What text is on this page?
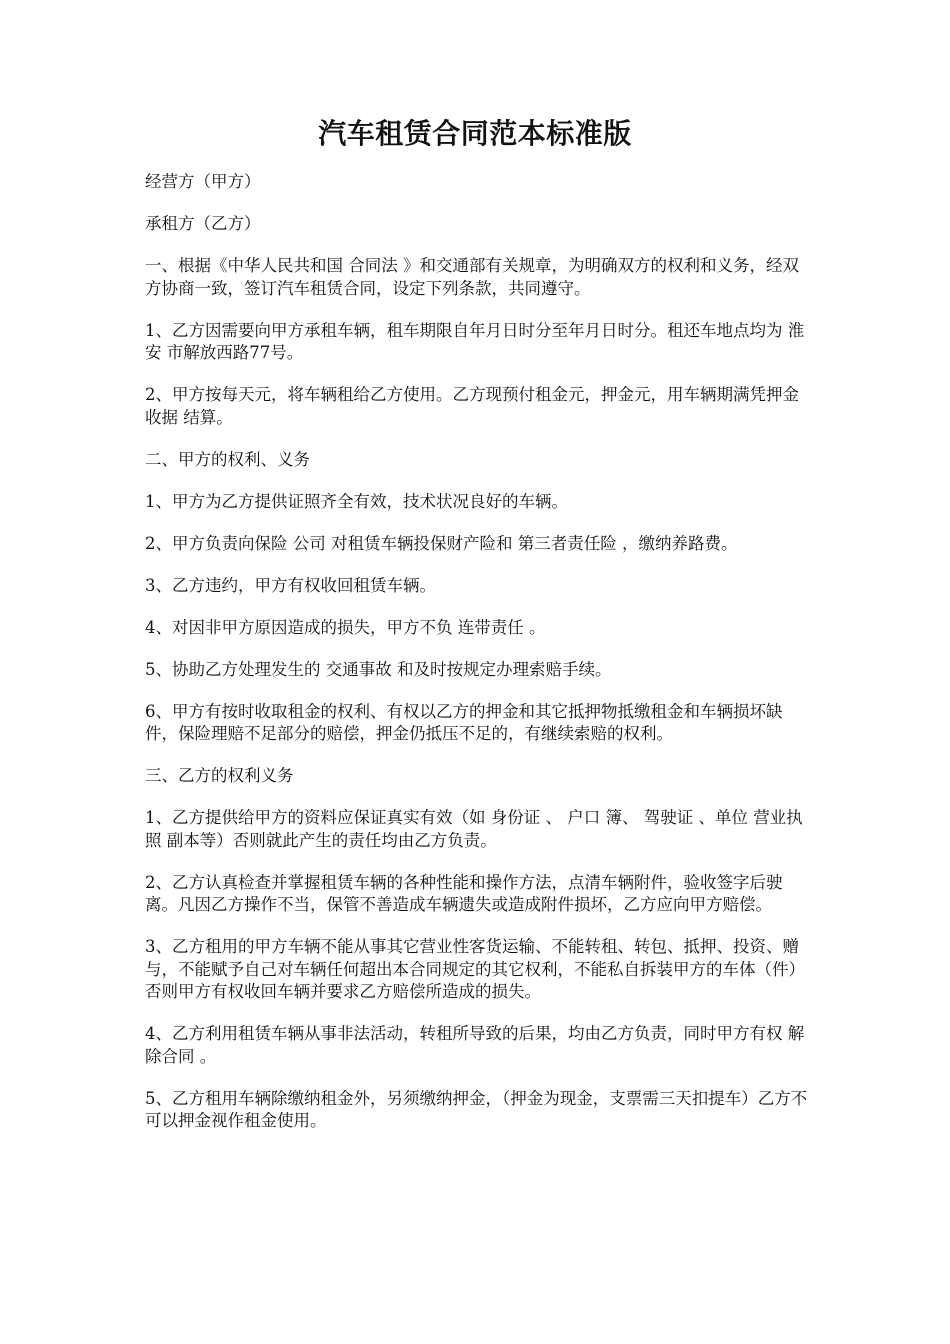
汽车租赁合同范本标准版

经营方（甲方）

承租方（乙方）

一、根据《中华人民共和国 合同法 》和交通部有关规章，为明确双方的权利和义务，经双方协商一致，签订汽车租赁合同，设定下列条款，共同遵守。

1、乙方因需要向甲方承租车辆，租车期限自年月日时分至年月日时分。租还车地点均为 淮安 市解放西路77号。

2、甲方按每天元，将车辆租给乙方使用。乙方现预付租金元，押金元，用车辆期满凭押金 收据 结算。

二、甲方的权利、义务

1、甲方为乙方提供证照齐全有效，技术状况良好的车辆。

2、甲方负责向保险 公司 对租赁车辆投保财产险和 第三者责任险 ，缴纳养路费。

3、乙方违约，甲方有权收回租赁车辆。

4、对因非甲方原因造成的损失，甲方不负 连带责任 。

5、协助乙方处理发生的 交通事故 和及时按规定办理索赔手续。

6、甲方有按时收取租金的权利、有权以乙方的押金和其它抵押物抵缴租金和车辆损坏缺件，保险理赔不足部分的赔偿，押金仍抵压不足的，有继续索赔的权利。

三、乙方的权利义务

1、乙方提供给甲方的资料应保证真实有效（如 身份证 、 户口 簿、 驾驶证 、单位 营业执照 副本等）否则就此产生的责任均由乙方负责。

2、乙方认真检查并掌握租赁车辆的各种性能和操作方法，点清车辆附件，验收签字后驶离。凡因乙方操作不当，保管不善造成车辆遗失或造成附件损坏，乙方应向甲方赔偿。

3、乙方租用的甲方车辆不能从事其它营业性客货运输、不能转租、转包、抵押、投资、赠与，不能赋予自己对车辆任何超出本合同规定的其它权利，不能私自拆装甲方的车体（件）否则甲方有权收回车辆并要求乙方赔偿所造成的损失。

4、乙方利用租赁车辆从事非法活动，转租所导致的后果，均由乙方负责，同时甲方有权 解除合同 。

5、乙方租用车辆除缴纳租金外，另须缴纳押金，（押金为现金，支票需三天扣提车）乙方不可以押金视作租金使用。
